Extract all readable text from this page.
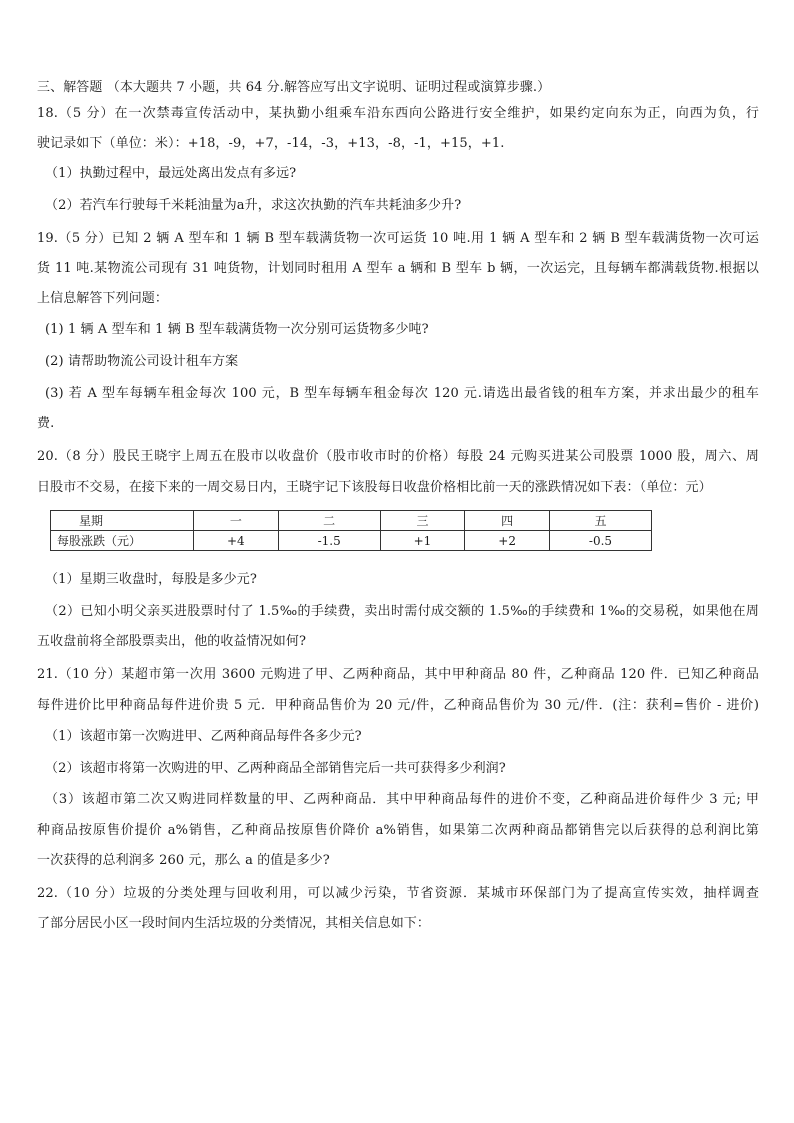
三、解答题 （本大题共 7 小题，共 64 分.解答应写出文字说明、证明过程或演算步骤.）
18.（5 分）在一次禁毒宣传活动中，某执勤小组乘车沿东西向公路进行安全维护，如果约定向东为正，向西为负，行
驶记录如下（单位：米）：+18，-9，+7，-14，-3，+13，-8，-1，+15，+1.
（1）执勤过程中，最远处离出发点有多远?
（2）若汽车行驶每千米耗油量为a升，求这次执勤的汽车共耗油多少升?
19.（5 分）已知 2 辆 A 型车和 1 辆 B 型车载满货物一次可运货 10 吨.用 1 辆 A 型车和 2 辆 B 型车载满货物一次可运
货 11 吨.某物流公司现有 31 吨货物，计划同时租用 A 型车 a 辆和 B 型车 b 辆，一次运完，且每辆车都满载货物.根据以
上信息解答下列问题：
(1) 1 辆 A 型车和 1 辆 B 型车载满货物一次分别可运货物多少吨?
(2) 请帮助物流公司设计租车方案
(3) 若 A 型车每辆车租金每次 100 元，B 型车每辆车租金每次 120 元.请选出最省钱的租车方案，并求出最少的租车
费.
20.（8 分）股民王晓宇上周五在股市以收盘价（股市收市时的价格）每股 24 元购买进某公司股票 1000 股，周六、周
日股市不交易，在接下来的一周交易日内，王晓宇记下该股每日收盘价格相比前一天的涨跌情况如下表：（单位：元）
星期	一	二	三	四	五
每股涨跌（元）	+4	-1.5	+1	+2	-0.5
（1）星期三收盘时，每股是多少元?
（2）已知小明父亲买进股票时付了 1.5‰的手续费，卖出时需付成交额的 1.5‰的手续费和 1‰的交易税，如果他在周
五收盘前将全部股票卖出，他的收益情况如何?
21.（10 分）某超市第一次用 3600 元购进了甲、乙两种商品，其中甲种商品 80 件，乙种商品 120 件．已知乙种商品
每件进价比甲种商品每件进价贵 5 元．甲种商品售价为 20 元/件，乙种商品售价为 30 元/件．(注：获利=售价 - 进价)
（1）该超市第一次购进甲、乙两种商品每件各多少元?
（2）该超市将第一次购进的甲、乙两种商品全部销售完后一共可获得多少利润?
（3）该超市第二次又购进同样数量的甲、乙两种商品．其中甲种商品每件的进价不变，乙种商品进价每件少 3 元; 甲
种商品按原售价提价 a%销售，乙种商品按原售价降价 a%销售，如果第二次两种商品都销售完以后获得的总利润比第
一次获得的总利润多 260 元，那么 a 的值是多少?
22.（10 分）垃圾的分类处理与回收利用，可以减少污染，节省资源．某城市环保部门为了提高宣传实效，抽样调查
了部分居民小区一段时间内生活垃圾的分类情况，其相关信息如下：
